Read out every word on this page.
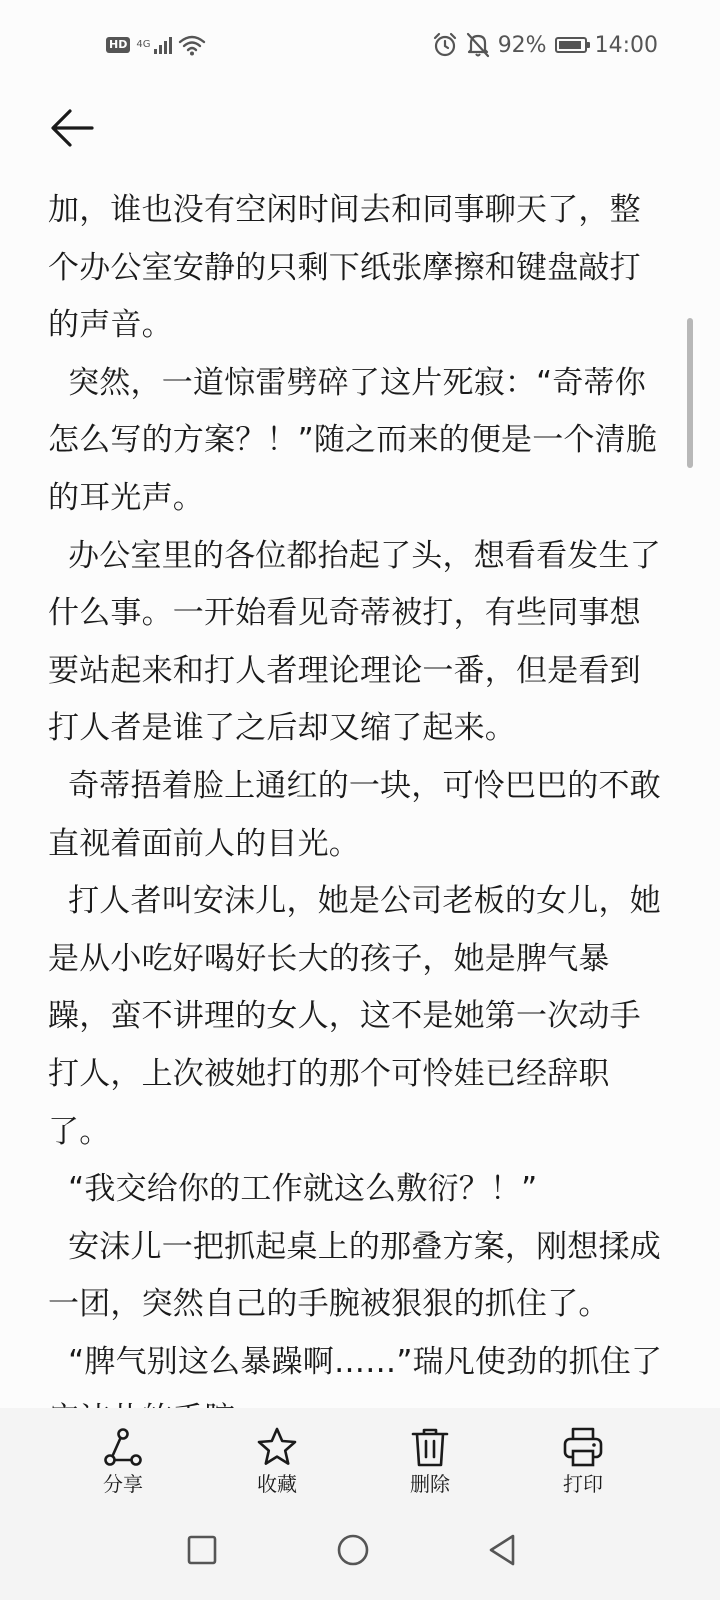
HD 4G	92% 14:00

加，谁也没有空闲时间去和同事聊天了，整个办公室安静的只剩下纸张摩擦和键盘敲打的声音。

突然，一道惊雷劈碎了这片死寂：“奇蒂你怎么写的方案？！”随之而来的便是一个清脆的耳光声。

办公室里的各位都抬起了头，想看看发生了什么事。一开始看见奇蒂被打，有些同事想要站起来和打人者理论理论一番，但是看到打人者是谁了之后却又缩了起来。

奇蒂捂着脸上通红的一块，可怜巴巴的不敢直视着面前人的目光。

打人者叫安沫儿，她是公司老板的女儿，她是从小吃好喝好长大的孩子，她是脾气暴躁，蛮不讲理的女人，这不是她第一次动手打人，上次被她打的那个可怜娃已经辞职了。

“我交给你的工作就这么敷衍？！”

安沫儿一把抓起桌上的那叠方案，刚想揉成一团，突然自己的手腕被狠狠的抓住了。

“脾气别这么暴躁啊……”瑞凡使劲的抓住了

分享	收藏	删除	打印
